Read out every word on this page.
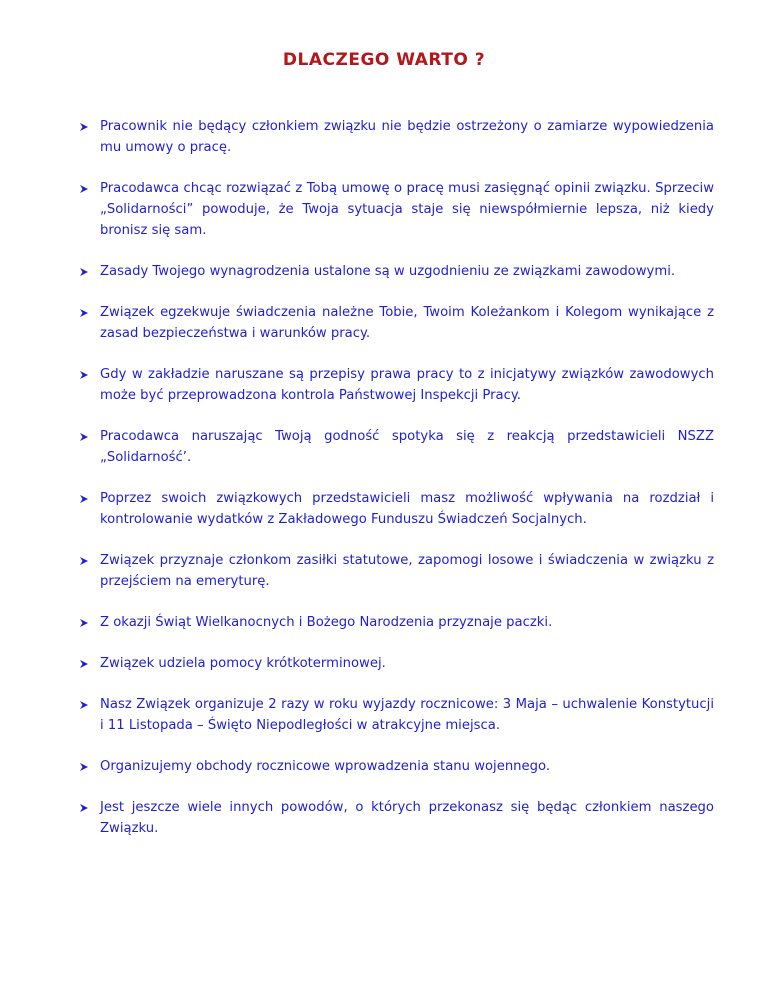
DLACZEGO WARTO ?
Pracownik nie będący członkiem związku nie będzie ostrzeżony o zamiarze wypowiedzenia mu umowy o pracę.
Pracodawca chcąc rozwiązać z Tobą umowę o pracę musi zasięgnąć opinii związku. Sprzeciw „Solidarności” powoduje, że Twoja sytuacja staje się niewspółmiernie lepsza, niż kiedy bronisz się sam.
Zasady Twojego wynagrodzenia ustalone są w uzgodnieniu ze związkami zawodowymi.
Związek egzekwuje świadczenia należne Tobie, Twoim Koleżankom i Kolegom wynikające z zasad bezpieczeństwa i warunków pracy.
Gdy w zakładzie naruszane są przepisy prawa pracy to z inicjatywy związków zawodowych może być przeprowadzona kontrola Państwowej Inspekcji Pracy.
Pracodawca naruszając Twoją godność spotyka się z reakcją przedstawicieli NSZZ „Solidarność’.
Poprzez swoich związkowych przedstawicieli masz możliwość wpływania na rozdział i kontrolowanie wydatków z Zakładowego Funduszu Świadczeń Socjalnych.
Związek przyznaje członkom zasiłki statutowe, zapomogi losowe i świadczenia w związku z przejściem na emeryturę.
Z okazji Świąt Wielkanocnych i Bożego Narodzenia przyznaje paczki.
Związek udziela pomocy krótkoterminowej.
Nasz Związek organizuje 2 razy w roku wyjazdy rocznicowe: 3 Maja – uchwalenie Konstytucji i 11 Listopada – Święto Niepodległości w atrakcyjne miejsca.
Organizujemy obchody rocznicowe wprowadzenia stanu wojennego.
Jest jeszcze wiele innych powodów, o których przekonasz się będąc członkiem naszego Związku.
